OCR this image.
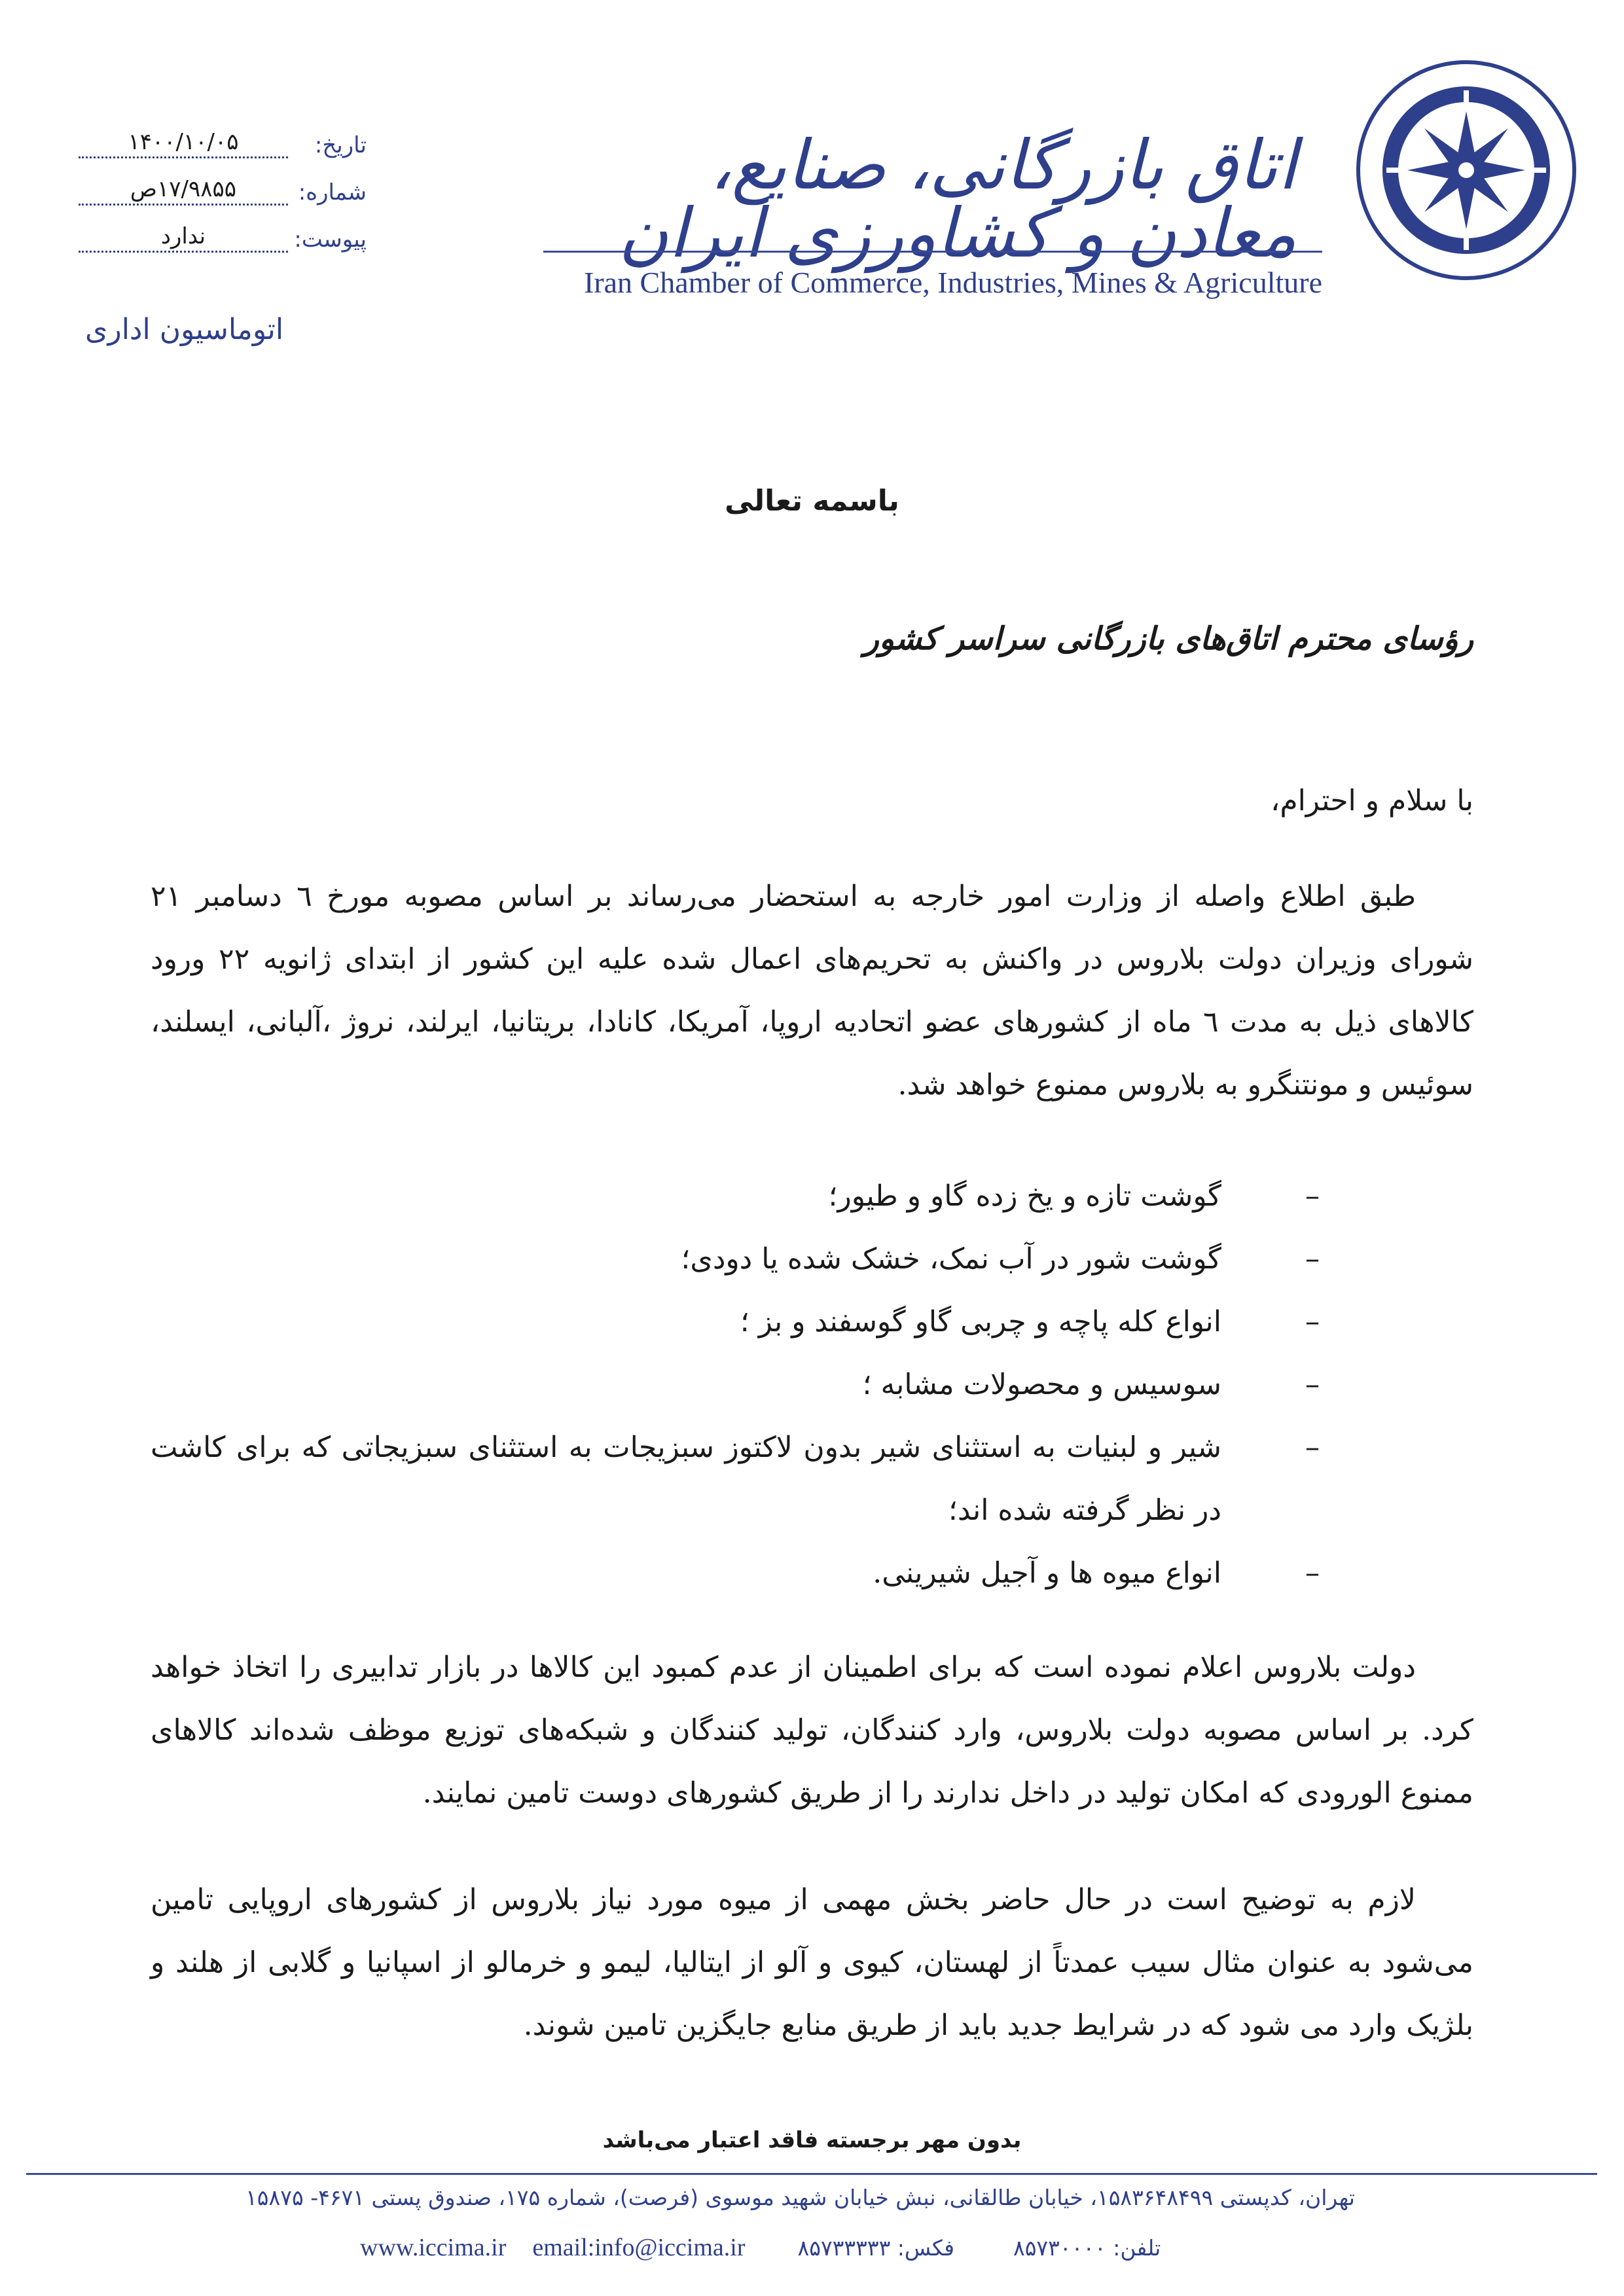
اتاق بازرگانی، صنایع، معادن و کشاورزی ایران
Iran Chamber of Commerce, Industries, Mines & Agriculture
تاریخ:
۱۴۰۰/۱۰/۰۵
شماره:
۱۷/۹۸۵۵ص
پیوست:
ندارد
اتوماسیون اداری
باسمه تعالی
رؤسای محترم اتاق‌های بازرگانی سراسر کشور
با سلام و احترام،

طبق اطلاع واصله از وزارت امور خارجه به استحضار می‌رساند بر اساس مصوبه مورخ ٦ دسامبر ۲۱ شورای وزیران دولت بلاروس در واکنش به تحریم‌های اعمال شده علیه این کشور از ابتدای ژانویه ۲۲ ورود کالاهای ذیل به مدت ٦ ماه از کشورهای عضو اتحادیه اروپا، آمریکا، کانادا، بریتانیا، ایرلند، نروژ ،آلبانی، ایسلند، سوئیس و مونتنگرو به بلاروس ممنوع خواهد شد.

–
گوشت تازه و یخ زده گاو و طیور؛
–
گوشت شور در آب نمک، خشک شده یا دودی؛
–
انواع کله پاچه و چربی گاو گوسفند و بز ؛
–
سوسیس و محصولات مشابه ؛
–
شیر و لبنیات به استثنای شیر بدون لاکتوز سبزیجات به استثنای سبزیجاتی که برای کاشت در نظر گرفته شده اند؛
–
انواع میوه ها و آجیل شیرینی.

دولت بلاروس اعلام نموده است که برای اطمینان از عدم کمبود این کالاها در بازار تدابیری را اتخاذ خواهد کرد. بر اساس مصوبه دولت بلاروس، وارد کنندگان، تولید کنندگان و شبکه‌های توزیع موظف شده‌اند کالاهای ممنوع الورودی که امکان تولید در داخل ندارند را از طریق کشورهای دوست تامین نمایند.

لازم به توضیح است در حال حاضر بخش مهمی از میوه مورد نیاز بلاروس از کشورهای اروپایی تامین می‌شود به عنوان مثال سیب عمدتاً از لهستان، کیوی و آلو از ایتالیا، لیمو و خرمالو از اسپانیا و گلابی از هلند و بلژیک وارد می شود که در شرایط جدید باید از طریق منابع جایگزین تامین شوند.

بدون مهر برجسته فاقد اعتبار می‌باشد
تهران، کدپستی ۱۵۸۳۶۴۸۴۹۹، خیابان طالقانی، نبش خیابان شهید موسوی (فرصت)، شماره ۱۷۵، صندوق پستی ۴۶۷۱- ۱۵۸۷۵
www.iccima.ir email:info@iccima.ir فکس: ۸۵۷۳۳۳۳۳	تلفن: ۸۵۷۳۰۰۰۰
